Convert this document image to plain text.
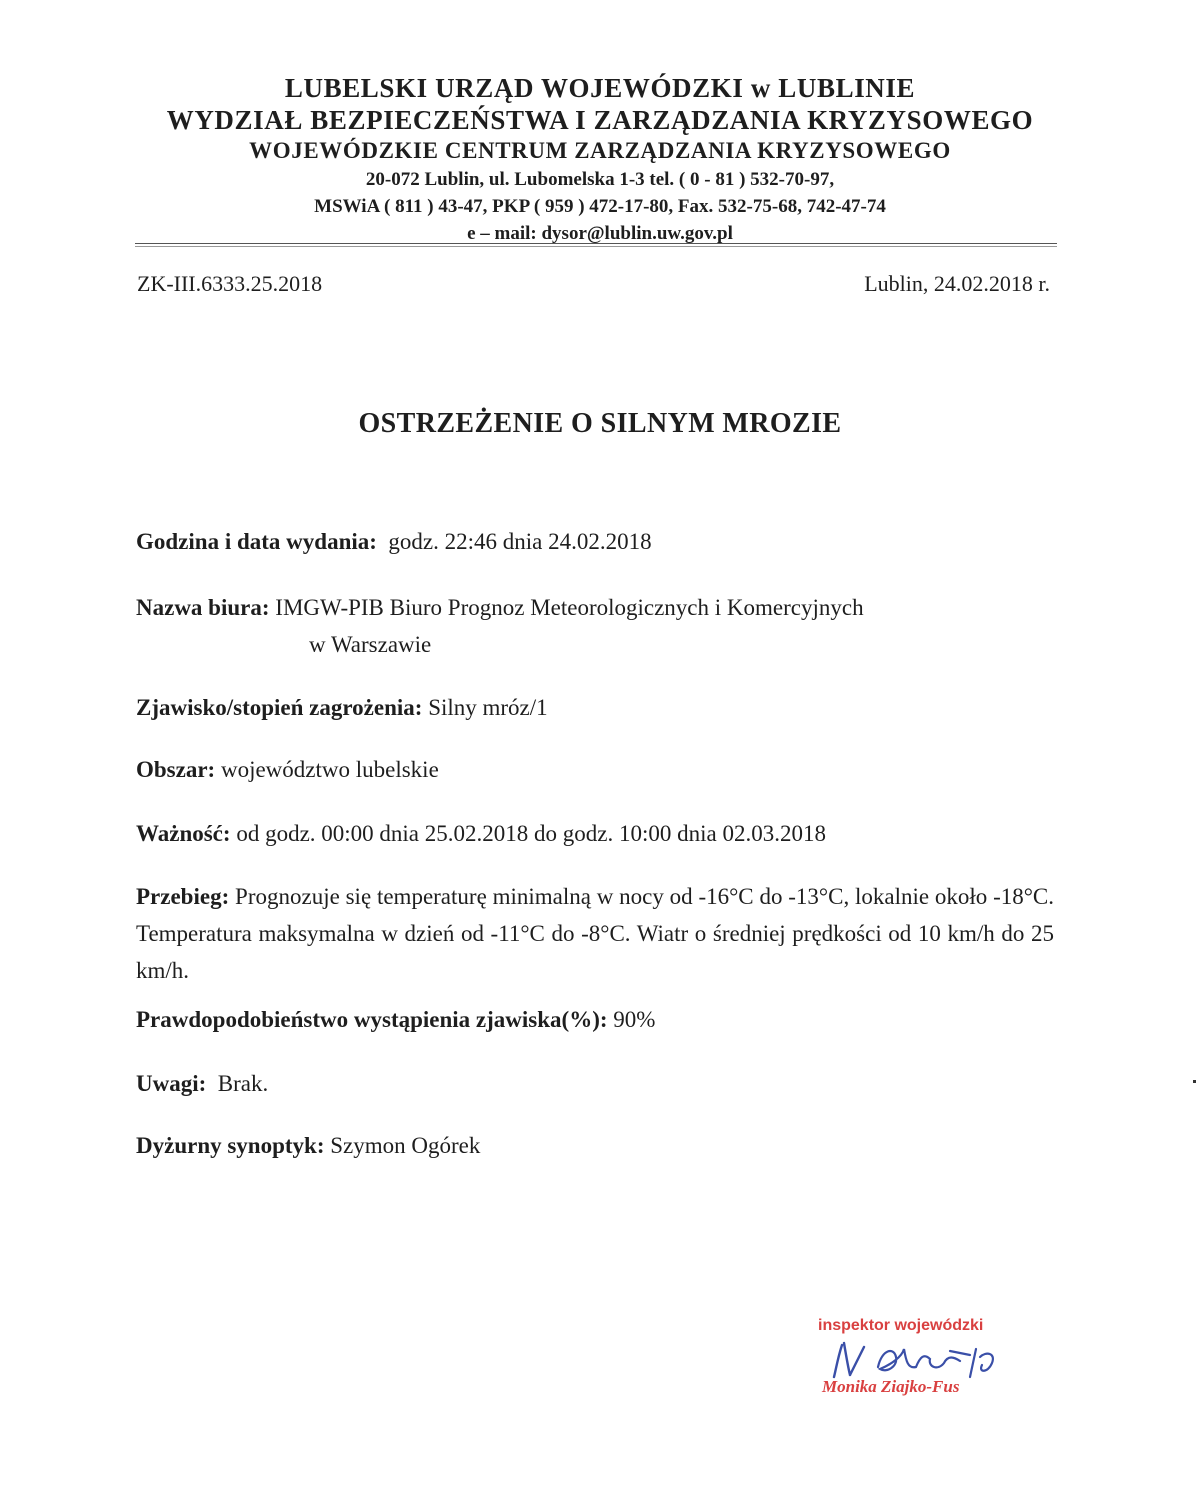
LUBELSKI URZĄD WOJEWÓDZKI w LUBLINIE
WYDZIAŁ BEZPIECZEŃSTWA I ZARZĄDZANIA KRYZYSOWEGO
WOJEWÓDZKIE CENTRUM ZARZĄDZANIA KRYZYSOWEGO
20-072 Lublin, ul. Lubomelska 1-3 tel. ( 0 - 81 ) 532-70-97,
MSWiA ( 811 ) 43-47, PKP ( 959 ) 472-17-80, Fax. 532-75-68, 742-47-74
e – mail: dysor@lublin.uw.gov.pl
ZK-III.6333.25.2018	Lublin, 24.02.2018 r.
OSTRZEŻENIE O SILNYM MROZIE
Godzina i data wydania: godz. 22:46 dnia 24.02.2018
Nazwa biura: IMGW-PIB Biuro Prognoz Meteorologicznych i Komercyjnych
w Warszawie
Zjawisko/stopień zagrożenia: Silny mróz/1
Obszar: województwo lubelskie
Ważność: od godz. 00:00 dnia 25.02.2018 do godz. 10:00 dnia 02.03.2018
Przebieg: Prognozuje się temperaturę minimalną w nocy od -16°C do -13°C, lokalnie około -18°C. Temperatura maksymalna w dzień od -11°C do -8°C. Wiatr o średniej prędkości od 10 km/h do 25 km/h.
Prawdopodobieństwo wystąpienia zjawiska(%): 90%
Uwagi: Brak.
Dyżurny synoptyk: Szymon Ogórek
inspektor wojewódzki
Monika Ziajko-Fus
